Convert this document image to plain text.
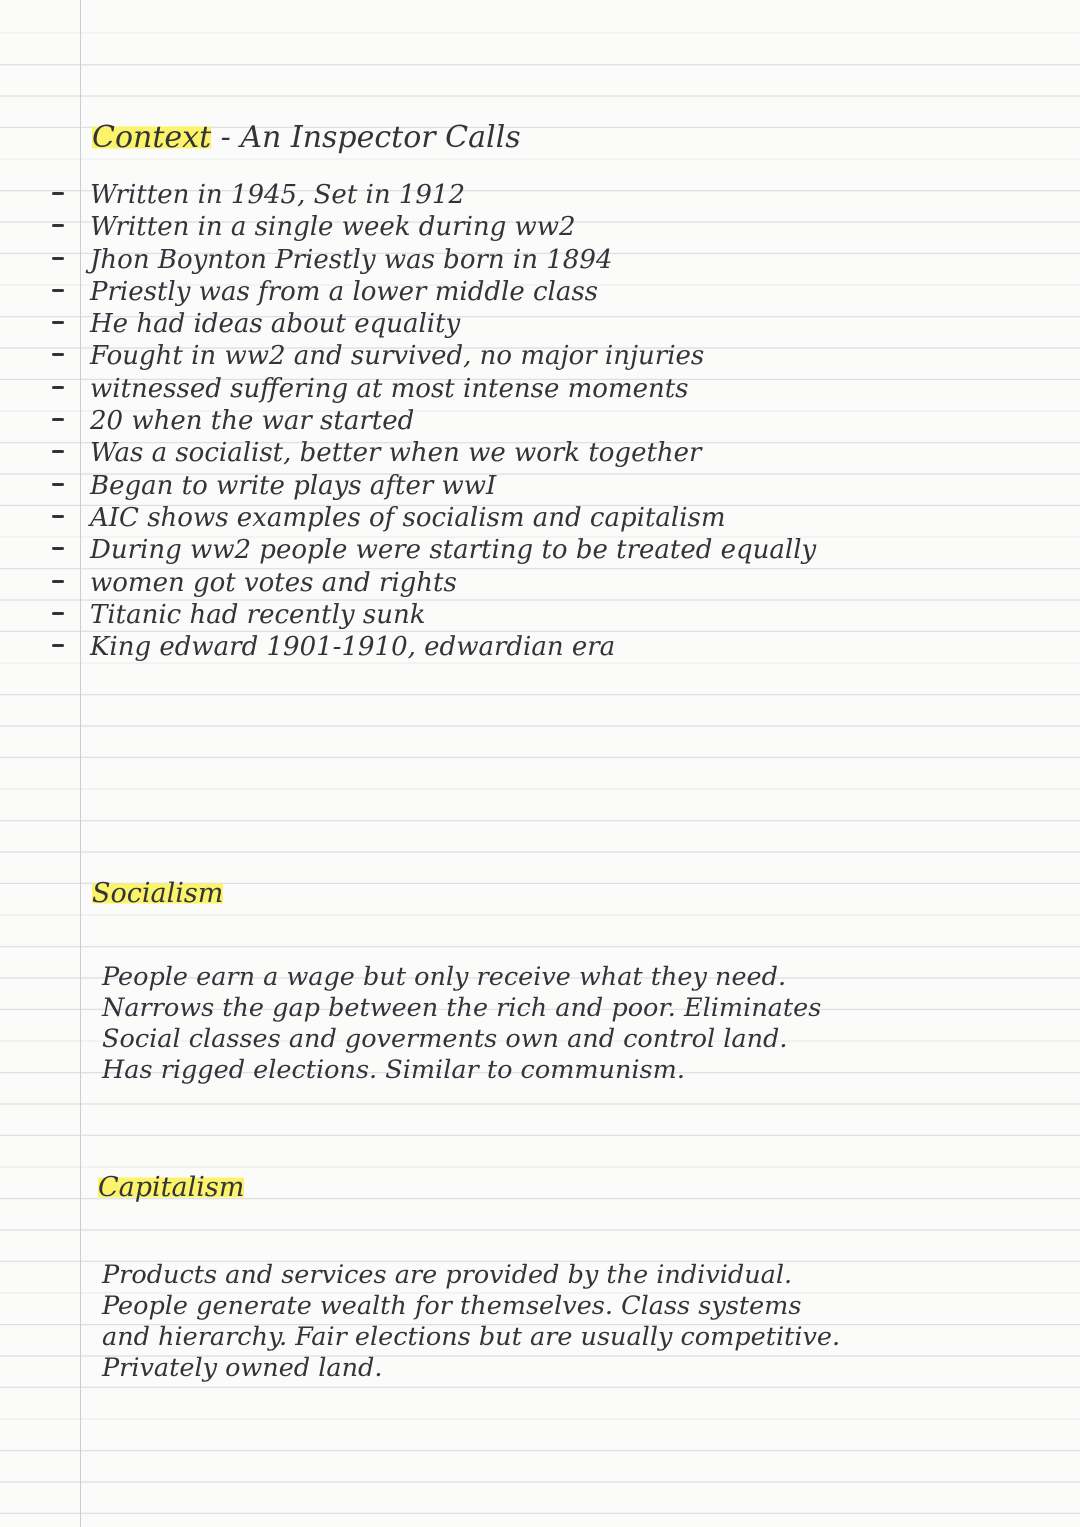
Context - An Inspector Calls
Written in 1945, Set in 1912
Written in a single week during ww2
Jhon Boynton Priestly was born in 1894
Priestly was from a lower middle class
He had ideas about equality
Fought in ww2 and survived, no major injuries
witnessed suffering at most intense moments
20 when the war started
Was a socialist, better when we work together
Began to write plays after wwI
AIC shows examples of socialism and capitalism
During ww2 people were starting to be treated equally
women got votes and rights
Titanic had recently sunk
King edward 1901-1910, edwardian era
Socialism
People earn a wage but only receive what they need.
Narrows the gap between the rich and poor. Eliminates
Social classes and goverments own and control land.
Has rigged elections. Similar to communism.
Capitalism
Products and services are provided by the individual.
People generate wealth for themselves. Class systems
and hierarchy. Fair elections but are usually competitive.
Privately owned land.
